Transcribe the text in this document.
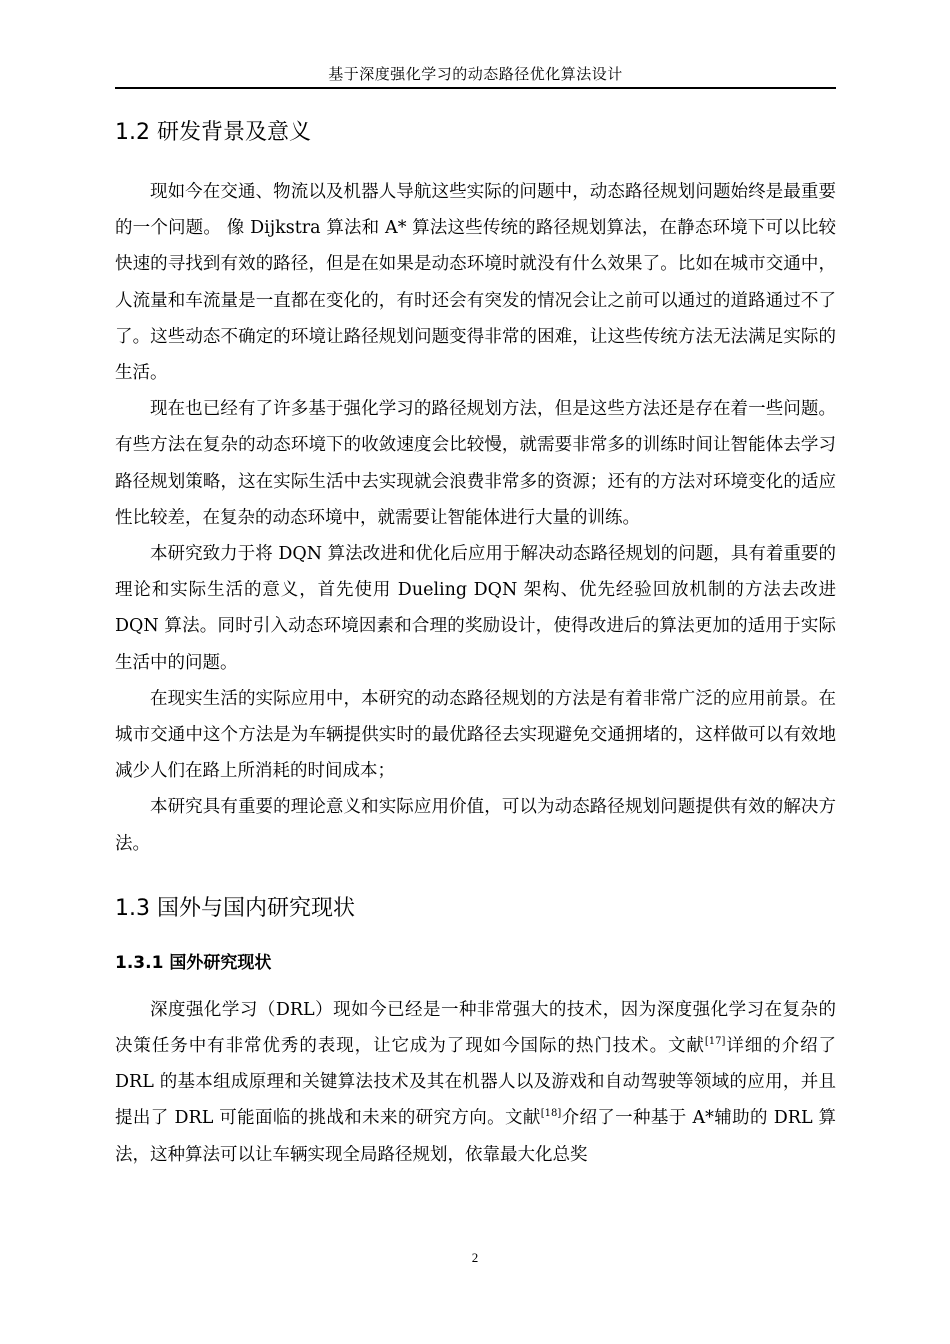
基于深度强化学习的动态路径优化算法设计
1.2 研发背景及意义

现如今在交通、物流以及机器人导航这些实际的问题中，动态路径规划问题始终是最重要的一个问题。 像 Dijkstra 算法和 A* 算法这些传统的路径规划算法，在静态环境下可以比较快速的寻找到有效的路径，但是在如果是动态环境时就没有什么效果了。比如在城市交通中，人流量和车流量是一直都在变化的，有时还会有突发的情况会让之前可以通过的道路通过不了了。这些动态不确定的环境让路径规划问题变得非常的困难，让这些传统方法无法满足实际的生活。

现在也已经有了许多基于强化学习的路径规划方法，但是这些方法还是存在着一些问题。有些方法在复杂的动态环境下的收敛速度会比较慢，就需要非常多的训练时间让智能体去学习路径规划策略，这在实际生活中去实现就会浪费非常多的资源；还有的方法对环境变化的适应性比较差，在复杂的动态环境中，就需要让智能体进行大量的训练。

本研究致力于将 DQN 算法改进和优化后应用于解决动态路径规划的问题，具有着重要的理论和实际生活的意义，首先使用 Dueling DQN 架构、优先经验回放机制的方法去改进 DQN 算法。同时引入动态环境因素和合理的奖励设计，使得改进后的算法更加的适用于实际生活中的问题。

在现实生活的实际应用中，本研究的动态路径规划的方法是有着非常广泛的应用前景。在城市交通中这个方法是为车辆提供实时的最优路径去实现避免交通拥堵的，这样做可以有效地减少人们在路上所消耗的时间成本；

本研究具有重要的理论意义和实际应用价值，可以为动态路径规划问题提供有效的解决方法。

1.3 国外与国内研究现状
1.3.1 国外研究现状

深度强化学习（DRL）现如今已经是一种非常强大的技术，因为深度强化学习在复杂的决策任务中有非常优秀的表现，让它成为了现如今国际的热门技术。文献[17]详细的介绍了 DRL 的基本组成原理和关键算法技术及其在机器人以及游戏和自动驾驶等领域的应用，并且提出了 DRL 可能面临的挑战和未来的研究方向。文献[18]介绍了一种基于 A*辅助的 DRL 算法，这种算法可以让车辆实现全局路径规划，依靠最大化总奖

2
